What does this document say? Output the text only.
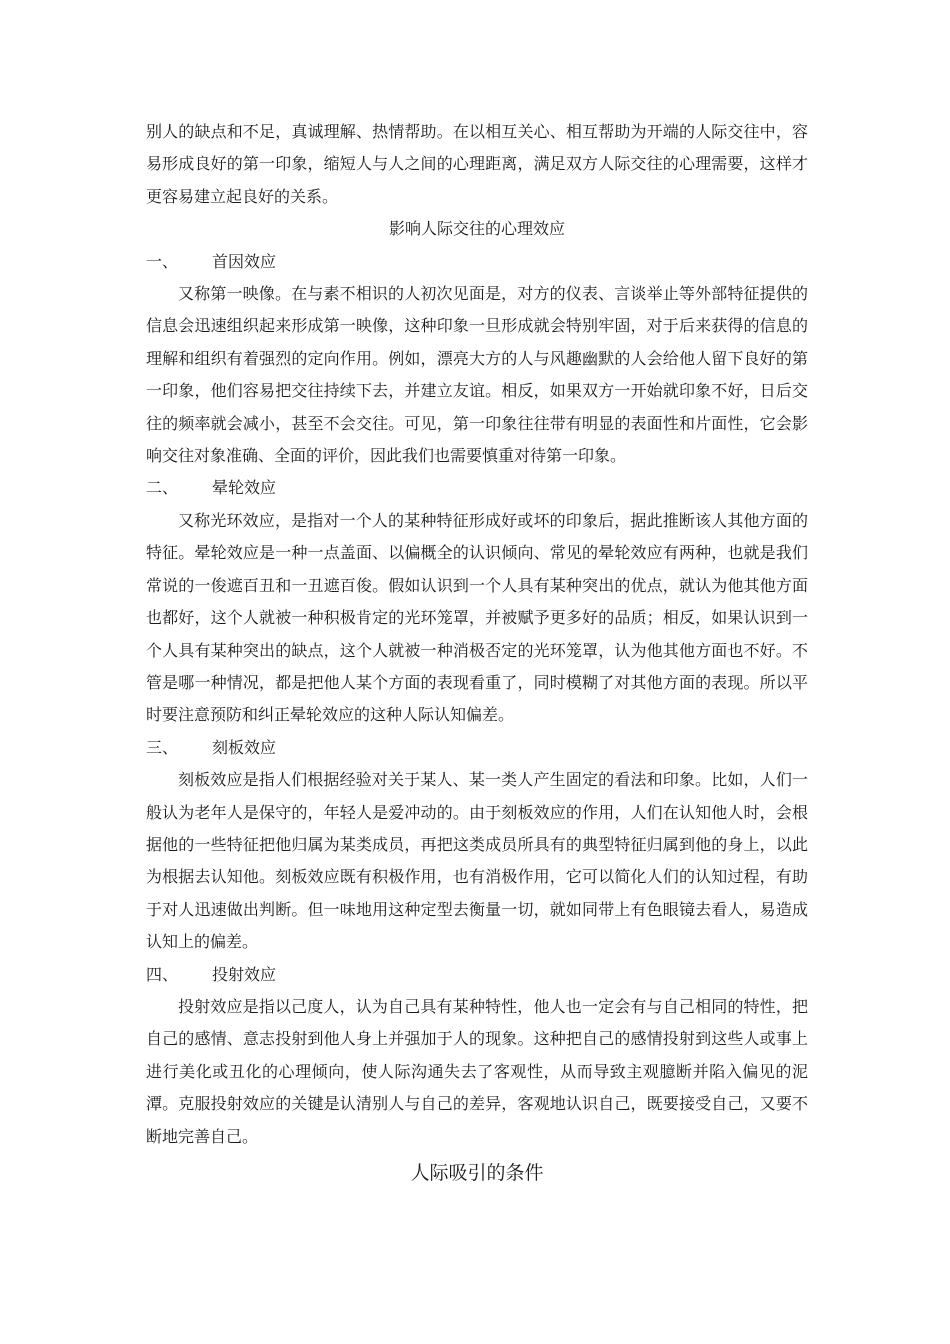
别人的缺点和不足，真诚理解、热情帮助。在以相互关心、相互帮助为开端的人际交往中，容易形成良好的第一印象，缩短人与人之间的心理距离，满足双方人际交往的心理需要，这样才更容易建立起良好的关系。

影响人际交往的心理效应

一、 首因效应

又称第一映像。在与素不相识的人初次见面是，对方的仪表、言谈举止等外部特征提供的信息会迅速组织起来形成第一映像，这种印象一旦形成就会特别牢固，对于后来获得的信息的理解和组织有着强烈的定向作用。例如，漂亮大方的人与风趣幽默的人会给他人留下良好的第一印象，他们容易把交往持续下去，并建立友谊。相反，如果双方一开始就印象不好，日后交往的频率就会减小，甚至不会交往。可见，第一印象往往带有明显的表面性和片面性，它会影响交往对象准确、全面的评价，因此我们也需要慎重对待第一印象。

二、 晕轮效应

又称光环效应，是指对一个人的某种特征形成好或坏的印象后，据此推断该人其他方面的特征。晕轮效应是一种一点盖面、以偏概全的认识倾向、常见的晕轮效应有两种，也就是我们常说的一俊遮百丑和一丑遮百俊。假如认识到一个人具有某种突出的优点，就认为他其他方面也都好，这个人就被一种积极肯定的光环笼罩，并被赋予更多好的品质；相反，如果认识到一个人具有某种突出的缺点，这个人就被一种消极否定的光环笼罩，认为他其他方面也不好。不管是哪一种情况，都是把他人某个方面的表现看重了，同时模糊了对其他方面的表现。所以平时要注意预防和纠正晕轮效应的这种人际认知偏差。

三、 刻板效应

刻板效应是指人们根据经验对关于某人、某一类人产生固定的看法和印象。比如，人们一般认为老年人是保守的，年轻人是爱冲动的。由于刻板效应的作用，人们在认知他人时，会根据他的一些特征把他归属为某类成员，再把这类成员所具有的典型特征归属到他的身上，以此为根据去认知他。刻板效应既有积极作用，也有消极作用，它可以简化人们的认知过程，有助于对人迅速做出判断。但一味地用这种定型去衡量一切，就如同带上有色眼镜去看人，易造成认知上的偏差。

四、 投射效应

投射效应是指以己度人，认为自己具有某种特性，他人也一定会有与自己相同的特性，把自己的感情、意志投射到他人身上并强加于人的现象。这种把自己的感情投射到这些人或事上进行美化或丑化的心理倾向，使人际沟通失去了客观性，从而导致主观臆断并陷入偏见的泥潭。克服投射效应的关键是认清别人与自己的差异，客观地认识自己，既要接受自己，又要不断地完善自己。

人际吸引的条件
